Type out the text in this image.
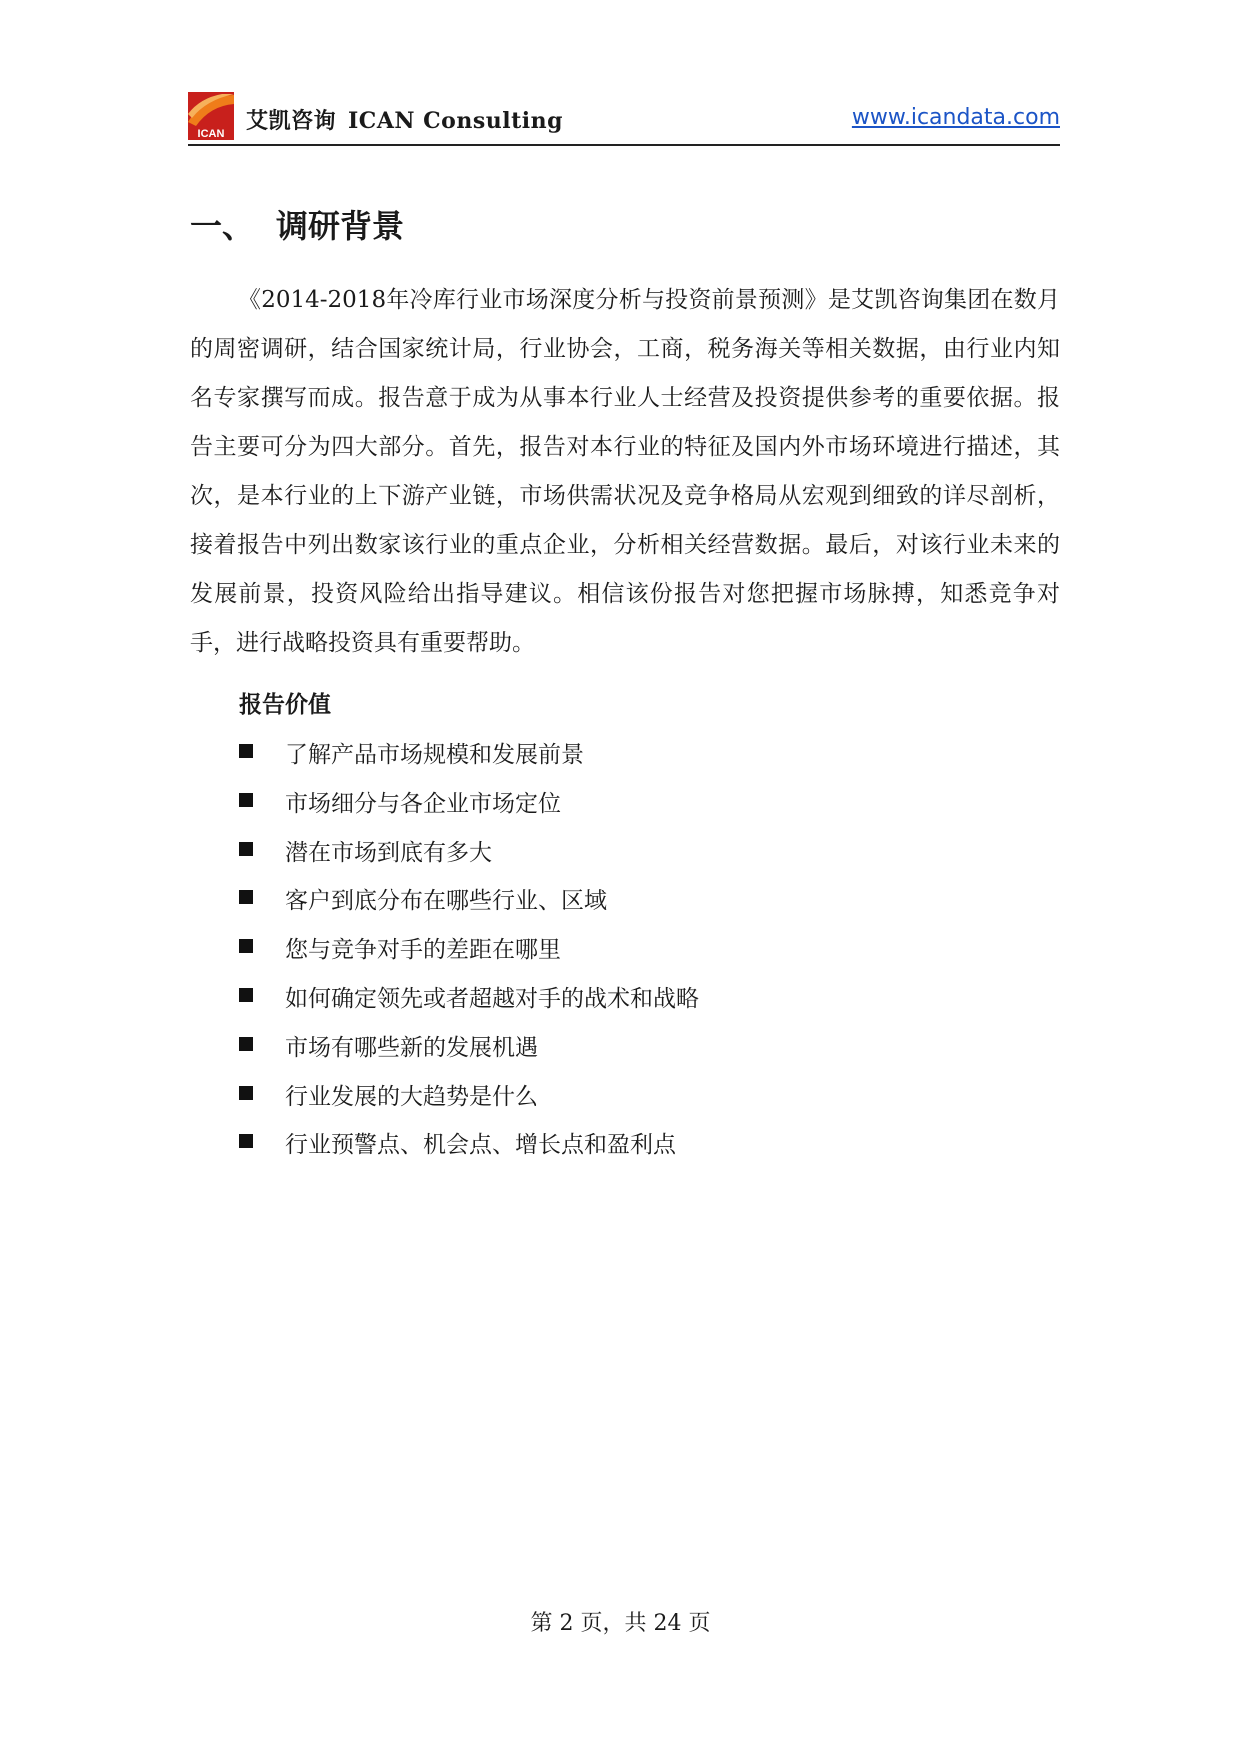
ICAN 艾凯咨询 ICAN Consulting	www.icandata.com
一、 调研背景

《2014-2018年冷库行业市场深度分析与投资前景预测》是艾凯咨询集团在数月的周密调研，结合国家统计局，行业协会，工商，税务海关等相关数据，由行业内知名专家撰写而成。报告意于成为从事本行业人士经营及投资提供参考的重要依据。报告主要可分为四大部分。首先，报告对本行业的特征及国内外市场环境进行描述，其次，是本行业的上下游产业链，市场供需状况及竞争格局从宏观到细致的详尽剖析，接着报告中列出数家该行业的重点企业，分析相关经营数据。最后，对该行业未来的发展前景，投资风险给出指导建议。相信该份报告对您把握市场脉搏，知悉竞争对手，进行战略投资具有重要帮助。

报告价值
了解产品市场规模和发展前景
市场细分与各企业市场定位
潜在市场到底有多大
客户到底分布在哪些行业、区域
您与竞争对手的差距在哪里
如何确定领先或者超越对手的战术和战略
市场有哪些新的发展机遇
行业发展的大趋势是什么
行业预警点、机会点、增长点和盈利点
第 2 页，共 24 页
